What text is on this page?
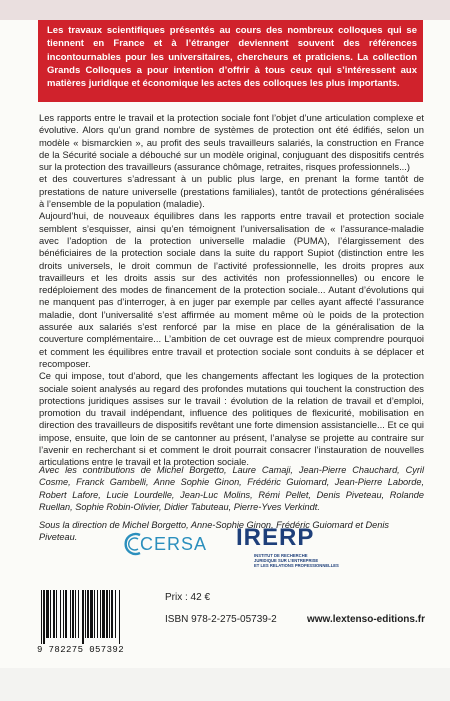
Les travaux scientifiques présentés au cours des nombreux colloques qui se tiennent en France et à l’étranger deviennent souvent des références incontournables pour les universitaires, chercheurs et praticiens. La collection Grands Colloques a pour intention d’offrir à tous ceux qui s’intéressent aux matières juridique et économique les actes des colloques les plus importants.

Les rapports entre le travail et la protection sociale font l’objet d’une articulation complexe et évolutive. Alors qu’un grand nombre de systèmes de protection ont été édifiés, selon un modèle « bismarckien », au profit des seuls travailleurs salariés, la construction en France de la Sécurité sociale a débouché sur un modèle original, conjuguant des dispositifs centrés sur la protection des travailleurs (assurance chômage, retraites, risques professionnels...)

et des couvertures s’adressant à un public plus large, en prenant la forme tantôt de prestations de nature universelle (prestations familiales), tantôt de protections généralisées à l’ensemble de la population (maladie).

Aujourd’hui, de nouveaux équilibres dans les rapports entre travail et protection sociale semblent s’esquisser, ainsi qu’en témoignent l’universalisation de « l’assurance-maladie avec l’adoption de la protection universelle maladie (PUMA), l’élargissement des bénéficiaires de la protection sociale dans la suite du rapport Supiot (distinction entre les droits universels, le droit commun de l’activité professionnelle, les droits propres aux travailleurs et les droits assis sur des activités non professionnelles) ou encore le redéploiement des modes de financement de la protection sociale... Autant d’évolutions qui ne manquent pas d’interroger, à en juger par exemple par celles ayant affecté l’assurance maladie, dont l’universalité s’est affirmée au moment même où le poids de la protection assurée aux salariés s’est renforcé par la mise en place de la généralisation de la couverture complémentaire... L’ambition de cet ouvrage est de mieux comprendre pourquoi et comment les équilibres entre travail et protection sociale sont conduits à se déplacer et recomposer.

Ce qui impose, tout d’abord, que les changements affectant les logiques de la protection sociale soient analysés au regard des profondes mutations qui touchent la construction des protections juridiques assises sur le travail : évolution de la relation de travail et d’emploi, promotion du travail indépendant, influence des politiques de flexicurité, mobilisation en direction des travailleurs de dispositifs revêtant une forte dimension assistancielle... Et ce qui impose, ensuite, que loin de se cantonner au présent, l’analyse se projette au contraire sur l’avenir en recherchant si et comment le droit pourrait consacrer l’instauration de nouvelles articulations entre le travail et la protection sociale.

Avec les contributions de Michel Borgetto, Laure Camaji, Jean-Pierre Chauchard, Cyril Cosme, Franck Gambelli, Anne Sophie Ginon, Frédéric Guiomard, Jean-Pierre Laborde, Robert Lafore, Lucie Lourdelle, Jean-Luc Molins, Rémi Pellet, Denis Piveteau, Rolande Ruellan, Sophie Robin-Olivier, Didier Tabuteau, Pierre-Yves Verkindt.
Sous la direction de Michel Borgetto, Anne-Sophie Ginon, Frédéric Guiomard et Denis Piveteau.	CERSA IRERP
INSTITUT DE RECHERCHE
JURIDIQUE SUR L’ENTREPRISE
ET LES RELATIONS PROFESSIONNELLES
9 782275 057392
Prix : 42 €
ISBN 978-2-275-05739-2	www.lextenso-editions.fr
